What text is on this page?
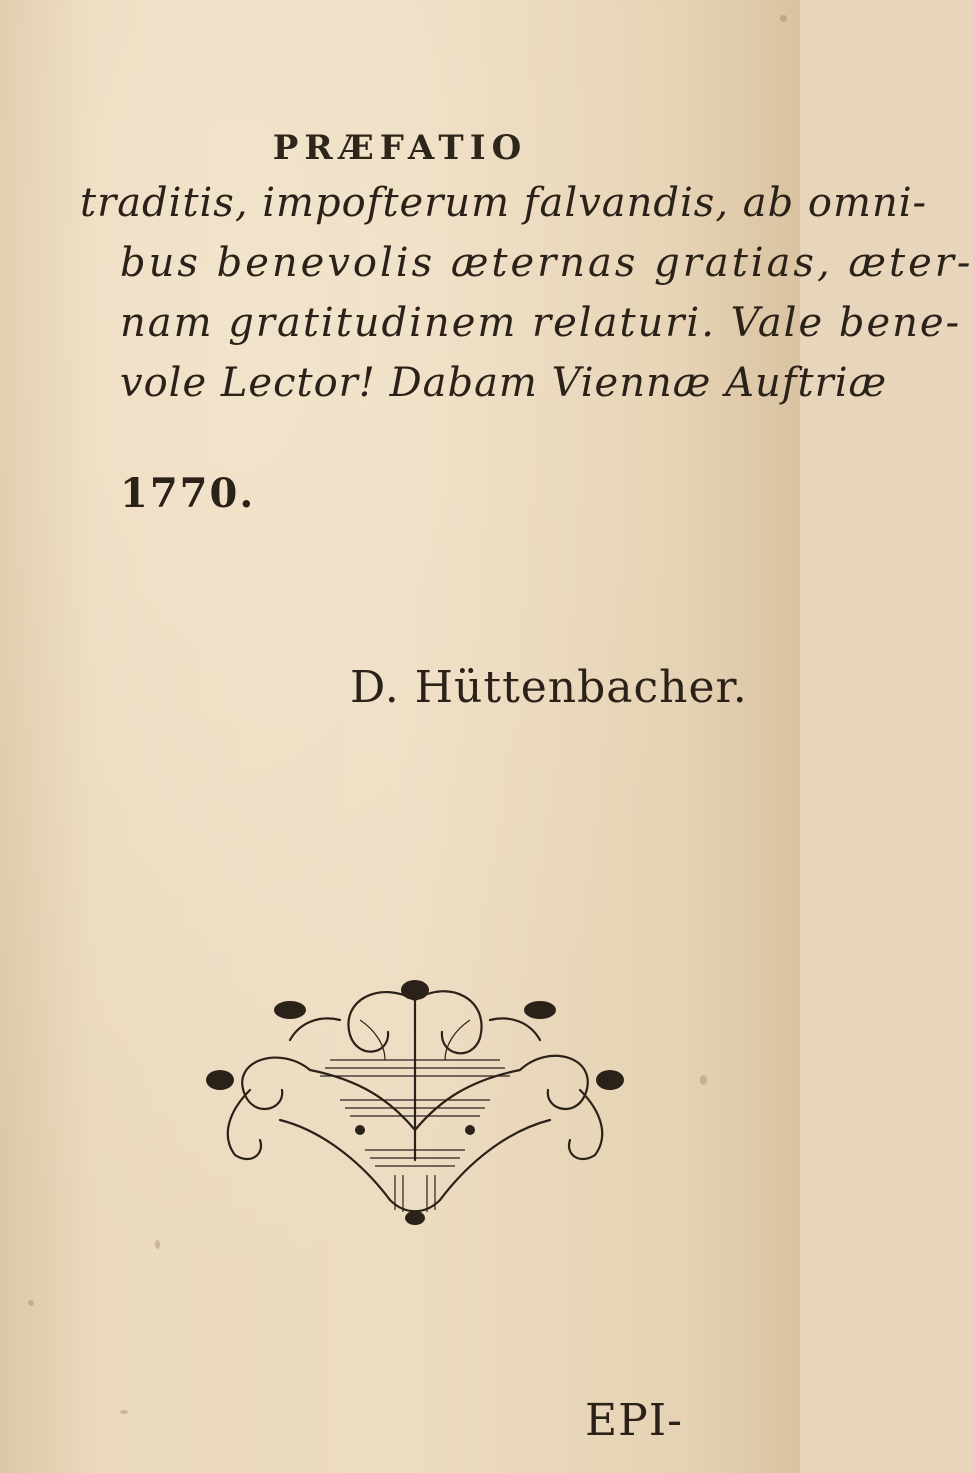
PRÆFATIO
traditis, impofterum falvandis, ab omni-
bus benevolis æternas gratias, æter-
nam gratitudinem relaturi. Vale bene-
vole Lector! Dabam Viennæ Auftriæ
1770.
D. Hüttenbacher.
EPI-
